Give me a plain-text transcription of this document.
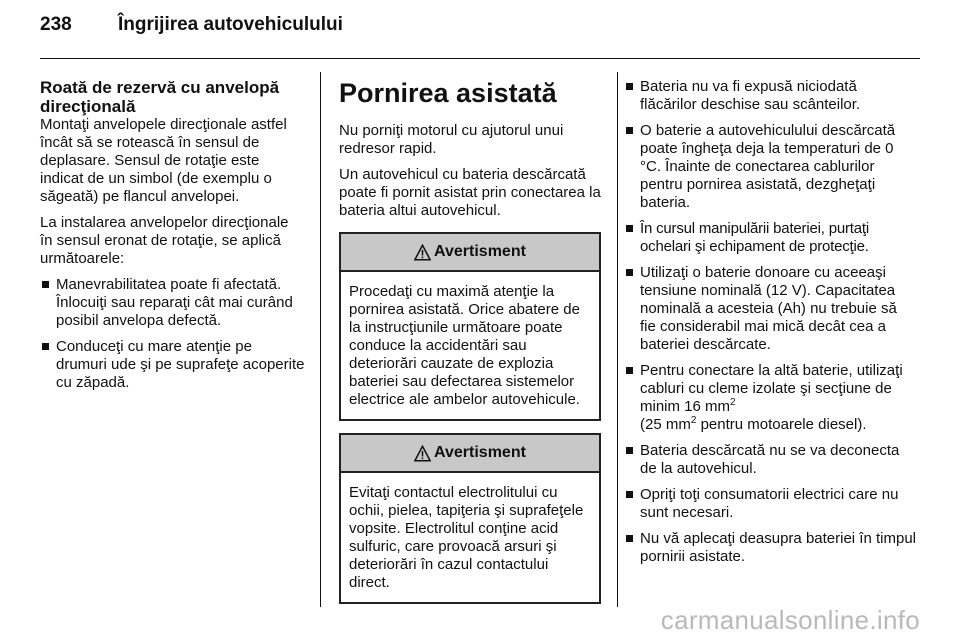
238	Îngrijirea autovehiculului
Roată de rezervă cu anvelopă direcţională

Montaţi anvelopele direcţionale astfel încât să se rotească în sensul de deplasare. Sensul de rotaţie este indicat de un simbol (de exemplu o săgeată) pe flancul anvelopei.

La instalarea anvelopelor direcţionale în sensul eronat de rotaţie, se aplică următoarele:

Manevrabilitatea poate fi afectată. Înlocuiţi sau reparaţi cât mai curând posibil anvelopa defectă.
Conduceţi cu mare atenţie pe drumuri ude şi pe suprafeţe acoperite cu zăpadă.
Pornirea asistată

Nu porniţi motorul cu ajutorul unui redresor rapid.

Un autovehicul cu bateria descărcată poate fi pornit asistat prin conectarea la bateria altui autovehicul.

Avertisment
Procedaţi cu maximă atenţie la pornirea asistată. Orice abatere de la instrucţiunile următoare poate conduce la accidentări sau deteriorări cauzate de explozia bateriei sau defectarea sistemelor electrice ale ambelor autovehicule.
Avertisment
Evitaţi contactul electrolitului cu ochii, pielea, tapiţeria şi suprafeţele vopsite. Electrolitul conţine acid sulfuric, care provoacă arsuri şi deteriorări în cazul contactului direct.
Bateria nu va fi expusă niciodată flăcărilor deschise sau scânteilor.
O baterie a autovehiculului descărcată poate îngheţa deja la temperaturi de 0 °C. Înainte de conectarea cablurilor pentru pornirea asistată, dezgheţaţi bateria.
În cursul manipulării bateriei, purtaţi ochelari şi echipament de protecţie.
Utilizaţi o baterie donoare cu aceeaşi tensiune nominală (12 V). Capacitatea nominală a acesteia (Ah) nu trebuie să fie considerabil mai mică decât cea a bateriei descărcate.
Pentru conectare la altă baterie, utilizaţi cabluri cu cleme izolate şi secţiune de minim 16 $mm^2$
(25 $mm^2$ pentru motoarele diesel).
Bateria descărcată nu se va deconecta de la autovehicul.
Opriţi toţi consumatorii electrici care nu sunt necesari.
Nu vă aplecaţi deasupra bateriei în timpul pornirii asistate.
carmanualsonline.info
